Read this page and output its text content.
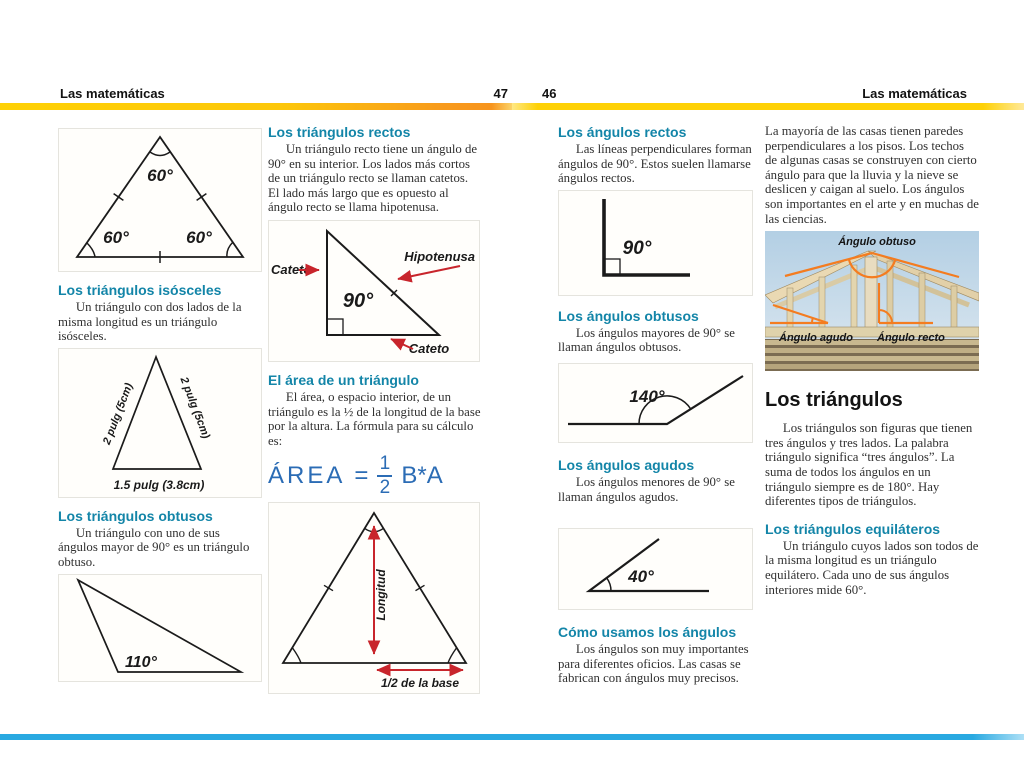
Las matemáticas	47	46	Las matemáticas
60°
60°	60°
Los triángulos isósceles

Un triángulo con dos lados de la misma longitud es un triángulo isósceles.

2 pulg (5cm)	2 pulg (5cm)
1.5 pulg (3.8cm)
Los triángulos obtusos

Un triángulo con uno de sus ángulos mayor de 90° es un triángulo obtuso.

110°
Los triángulos rectos

Un triángulo recto tiene un ángulo de 90° en su interior. Los lados más cortos de un triángulo recto se llaman catetos. El lado más largo que es opuesto al ángulo recto se llama hipotenusa.

90°
Cateto
Hipotenusa
Cateto
El área de un triángulo

El área, o espacio interior, de un triángulo es la ½ de la longitud de la base por la altura. La fórmula para su cálculo es:

ÁREA = $\frac{1}{2} B*A$
Longitud
1/2 de la base
Los ángulos rectos

Las líneas perpendiculares forman ángulos de 90°. Estos suelen llamarse ángulos rectos.

90°
Los ángulos obtusos

Los ángulos mayores de 90° se llaman ángulos obtusos.

140°
Los ángulos agudos

Los ángulos menores de 90° se llaman ángulos agudos.

40°
Cómo usamos los ángulos

Los ángulos son muy importantes para diferentes oficios. Las casas se fabrican con ángulos muy precisos.

La mayoría de las casas tienen paredes perpendiculares a los pisos. Los techos de algunas casas se construyen con cierto ángulo para que la lluvia y la nieve se deslicen y caigan al suelo. Los ángulos son importantes en el arte y en muchas de las ciencias.

Ángulo obtuso
Ángulo agudo Ángulo recto
Los triángulos

Los triángulos son figuras que tienen tres ángulos y tres lados. La palabra triángulo significa “tres ángulos”. La suma de todos los ángulos en un triángulo siempre es de 180°. Hay diferentes tipos de triángulos.

Los triángulos equiláteros

Un triángulo cuyos lados son todos de la misma longitud es un triángulo equilátero. Cada uno de sus ángulos interiores mide 60°.
